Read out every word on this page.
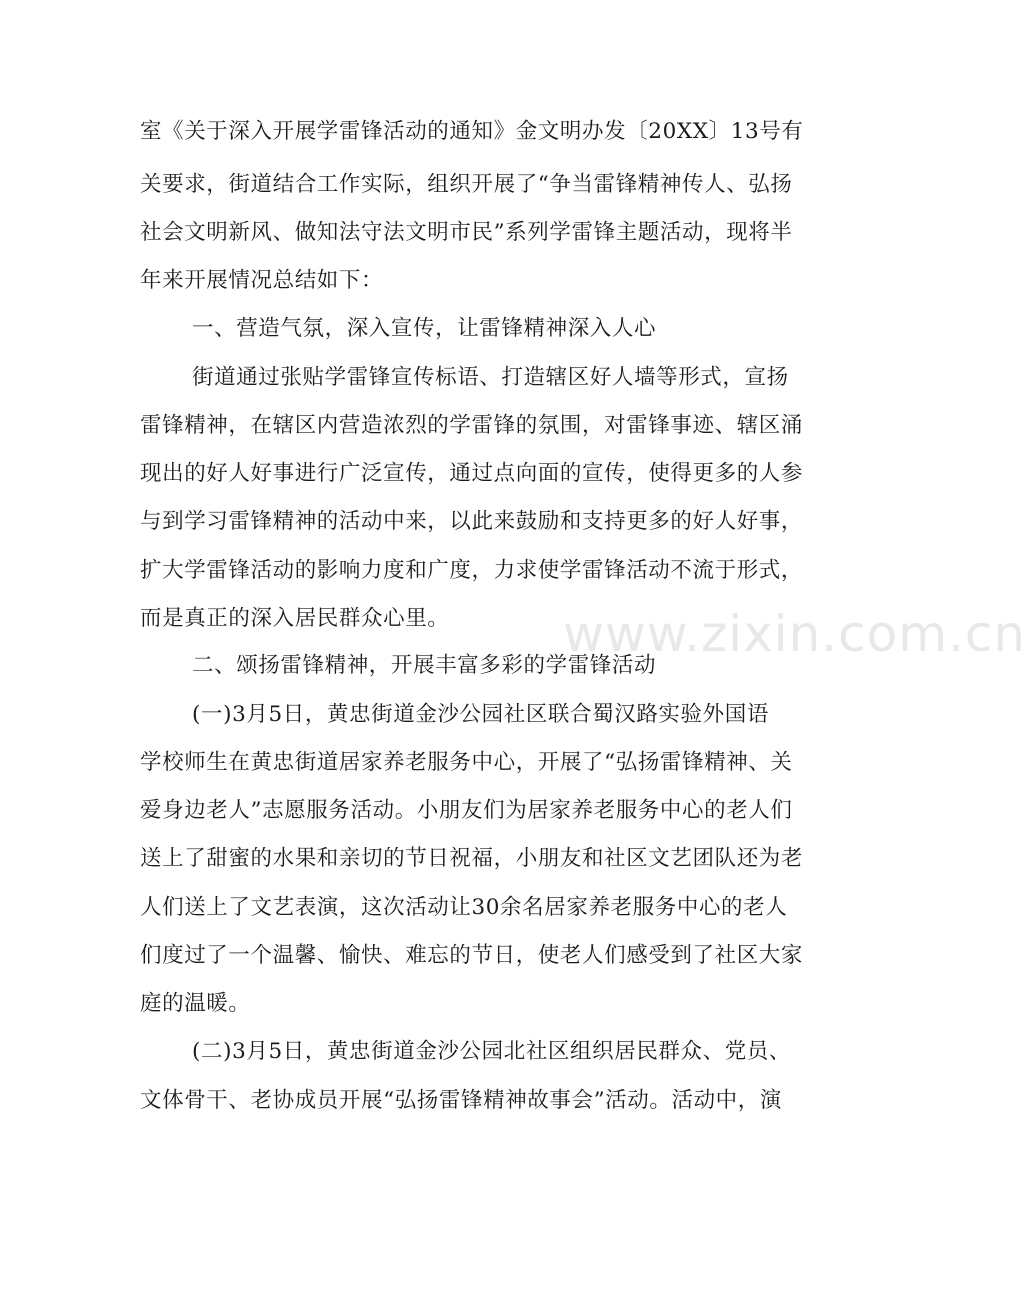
室《关于深入开展学雷锋活动的通知》金文明办发〔20XX〕13号有
关要求，街道结合工作实际，组织开展了“争当雷锋精神传人、弘扬
社会文明新风、做知法守法文明市民”系列学雷锋主题活动，现将半
年来开展情况总结如下：
一、营造气氛，深入宣传，让雷锋精神深入人心
街道通过张贴学雷锋宣传标语、打造辖区好人墙等形式，宣扬
雷锋精神，在辖区内营造浓烈的学雷锋的氛围，对雷锋事迹、辖区涌
现出的好人好事进行广泛宣传，通过点向面的宣传，使得更多的人参
与到学习雷锋精神的活动中来，以此来鼓励和支持更多的好人好事，
扩大学雷锋活动的影响力度和广度，力求使学雷锋活动不流于形式，
而是真正的深入居民群众心里。
二、颂扬雷锋精神，开展丰富多彩的学雷锋活动
(一)3月5日，黄忠街道金沙公园社区联合蜀汉路实验外国语
学校师生在黄忠街道居家养老服务中心，开展了“弘扬雷锋精神、关
爱身边老人”志愿服务活动。小朋友们为居家养老服务中心的老人们
送上了甜蜜的水果和亲切的节日祝福，小朋友和社区文艺团队还为老
人们送上了文艺表演，这次活动让30余名居家养老服务中心的老人
们度过了一个温馨、愉快、难忘的节日，使老人们感受到了社区大家
庭的温暖。
(二)3月5日，黄忠街道金沙公园北社区组织居民群众、党员、
文体骨干、老协成员开展“弘扬雷锋精神故事会”活动。活动中，演
www.zixin.com.cn
